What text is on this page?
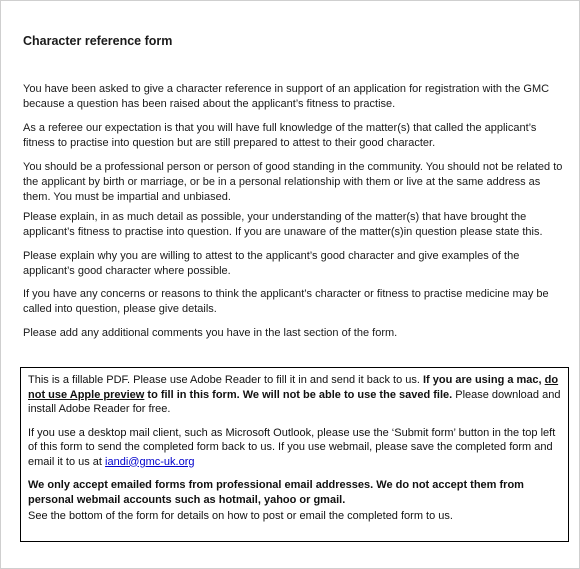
Character reference form

You have been asked to give a character reference in support of an application for registration with the GMC because a question has been raised about the applicant’s fitness to practise.

As a referee our expectation is that you will have full knowledge of the matter(s) that called the applicant’s fitness to practise into question but are still prepared to attest to their good character.

You should be a professional person or person of good standing in the community. You should not be related to the applicant by birth or marriage, or be in a personal relationship with them or live at the same address as them. You must be impartial and unbiased.

Please explain, in as much detail as possible, your understanding of the matter(s) that have brought the applicant’s fitness to practise into question. If you are unaware of the matter(s)in question please state this.

Please explain why you are willing to attest to the applicant’s good character and give examples of the applicant’s good character where possible.

If you have any concerns or reasons to think the applicant’s character or fitness to practise medicine may be called into question, please give details.

Please add any additional comments you have in the last section of the form.

This is a fillable PDF. Please use Adobe Reader to fill it in and send it back to us. If you are using a mac, do not use Apple preview to fill in this form. We will not be able to use the saved file. Please download and install Adobe Reader for free.

If you use a desktop mail client, such as Microsoft Outlook, please use the ‘Submit form’ button in the top left of this form to send the completed form back to us. If you use webmail, please save the completed form and email it to us at iandi@gmc-uk.org

We only accept emailed forms from professional email addresses. We do not accept them from personal webmail accounts such as hotmail, yahoo or gmail.

See the bottom of the form for details on how to post or email the completed form to us.
